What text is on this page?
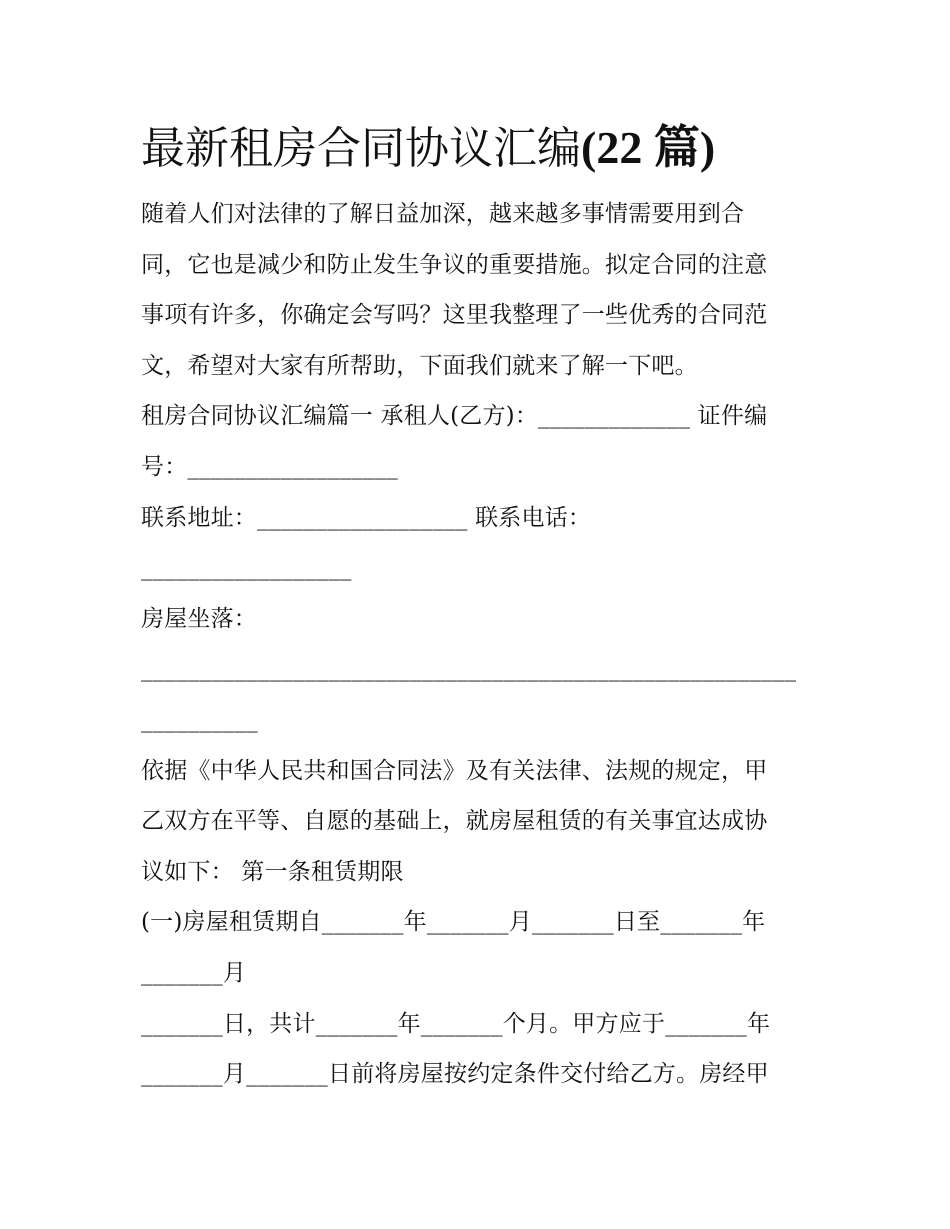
最新租房合同协议汇编(22 篇)
随着人们对法律的了解日益加深，越来越多事情需要用到合
同，它也是减少和防止发生争议的重要措施。拟定合同的注意
事项有许多，你确定会写吗？这里我整理了一些优秀的合同范
文，希望对大家有所帮助，下面我们就来了解一下吧。
租房合同协议汇编篇一 承租人(乙方)：_____________ 证件编
号：__________________
联系地址：__________________ 联系电话：
__________________
房屋坐落：
________________________________________________________
__________
依据《中华人民共和国合同法》及有关法律、法规的规定，甲
乙双方在平等、自愿的基础上，就房屋租赁的有关事宜达成协
议如下： 第一条租赁期限
(一)房屋租赁期自_______年_______月_______日至_______年
_______月
_______日，共计_______年_______个月。甲方应于_______年
_______月_______日前将房屋按约定条件交付给乙方。房经甲
